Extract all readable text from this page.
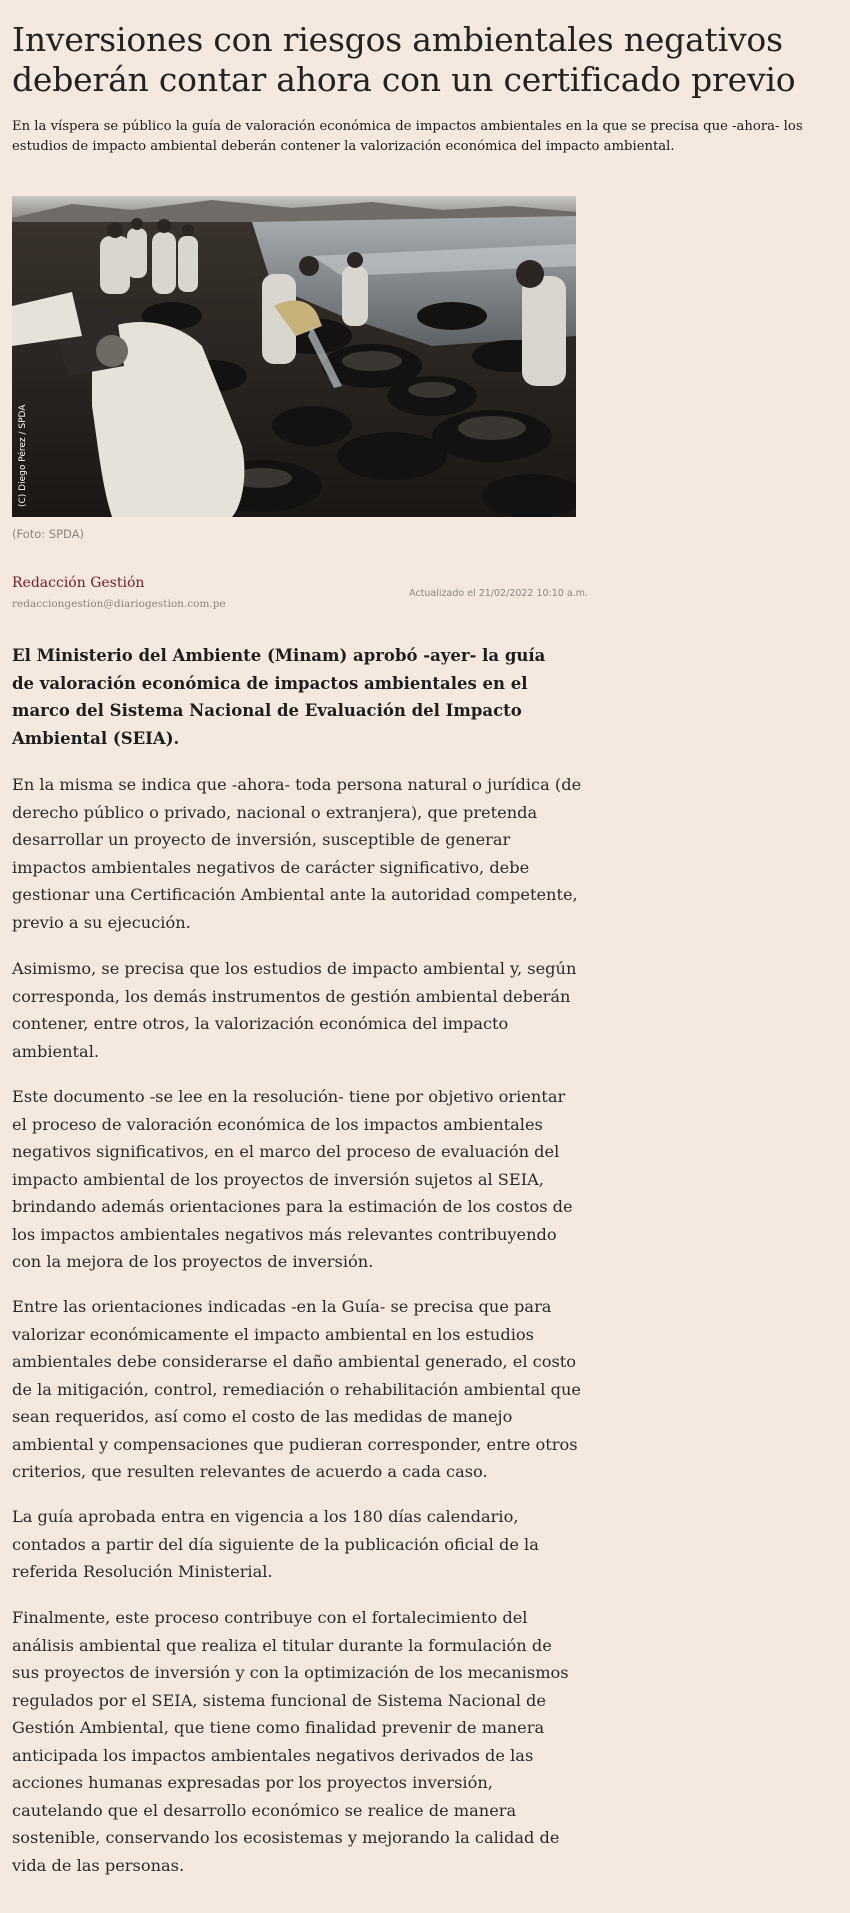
Inversiones con riesgos ambientales negativos deberán contar ahora con un certificado previo
En la víspera se público la guía de valoración económica de impactos ambientales en la que se precisa que -ahora- los estudios de impacto ambiental deberán contener la valorización económica del impacto ambiental.
(C) Diego Pérez / SPDA
(Foto: SPDA)
Redacción Gestión
redacciongestion@diariogestion.com.pe
Actualizado el 21/02/2022 10:10 a.m.
El Ministerio del Ambiente (Minam) aprobó -ayer- la guía de valoración económica de impactos ambientales en el marco del Sistema Nacional de Evaluación del Impacto Ambiental (SEIA).

En la misma se indica que -ahora- toda persona natural o jurídica (de derecho público o privado, nacional o extranjera), que pretenda desarrollar un proyecto de inversión, susceptible de generar impactos ambientales negativos de carácter significativo, debe gestionar una Certificación Ambiental ante la autoridad competente, previo a su ejecución.

Asimismo, se precisa que los estudios de impacto ambiental y, según corresponda, los demás instrumentos de gestión ambiental deberán contener, entre otros, la valorización económica del impacto ambiental.

Este documento -se lee en la resolución- tiene por objetivo orientar el proceso de valoración económica de los impactos ambientales negativos significativos, en el marco del proceso de evaluación del impacto ambiental de los proyectos de inversión sujetos al SEIA, brindando además orientaciones para la estimación de los costos de los impactos ambientales negativos más relevantes contribuyendo con la mejora de los proyectos de inversión.

Entre las orientaciones indicadas -en la Guía- se precisa que para valorizar económicamente el impacto ambiental en los estudios ambientales debe considerarse el daño ambiental generado, el costo de la mitigación, control, remediación o rehabilitación ambiental que sean requeridos, así como el costo de las medidas de manejo ambiental y compensaciones que pudieran corresponder, entre otros criterios, que resulten relevantes de acuerdo a cada caso.

La guía aprobada entra en vigencia a los 180 días calendario, contados a partir del día siguiente de la publicación oficial de la referida Resolución Ministerial.

Finalmente, este proceso contribuye con el fortalecimiento del análisis ambiental que realiza el titular durante la formulación de sus proyectos de inversión y con la optimización de los mecanismos regulados por el SEIA, sistema funcional de Sistema Nacional de Gestión Ambiental, que tiene como finalidad prevenir de manera anticipada los impactos ambientales negativos derivados de las acciones humanas expresadas por los proyectos inversión, cautelando que el desarrollo económico se realice de manera sostenible, conservando los ecosistemas y mejorando la calidad de vida de las personas.
